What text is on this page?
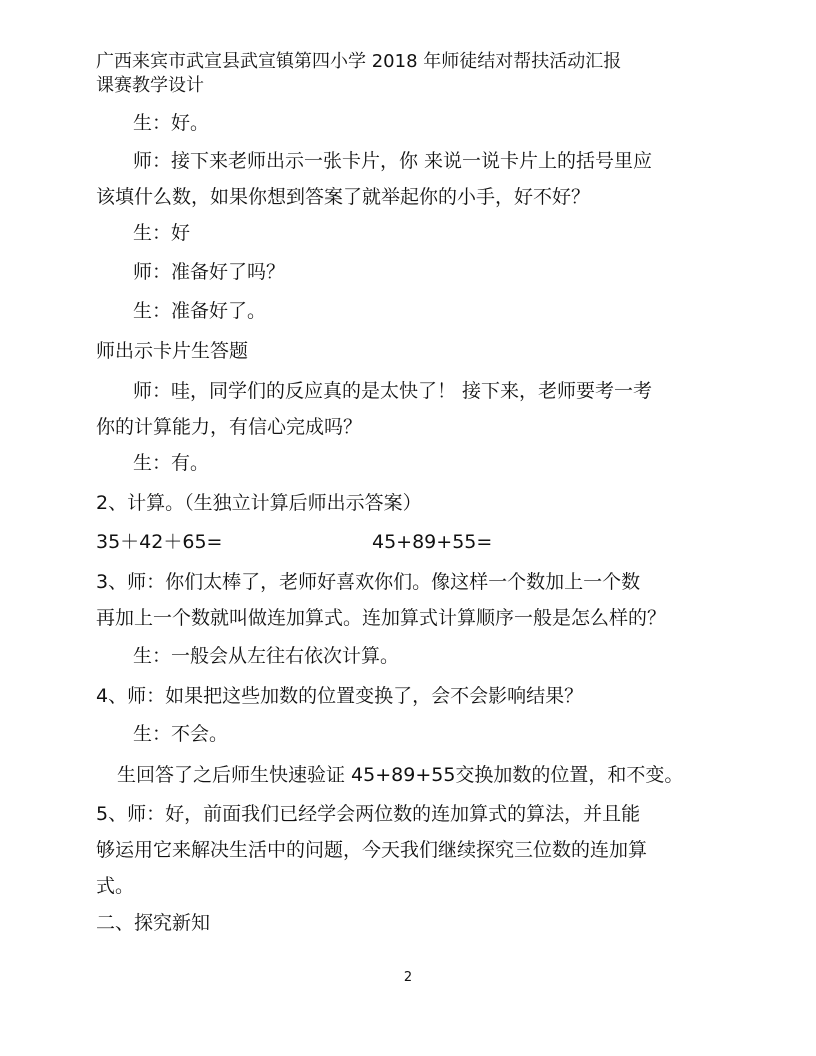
广西来宾市武宣县武宣镇第四小学 2018 年师徒结对帮扶活动汇报
课赛教学设计
生：好。
师：接下来老师出示一张卡片，你 来说一说卡片上的括号里应
该填什么数，如果你想到答案了就举起你的小手，好不好？
生：好
师：准备好了吗？
生：准备好了。
师出示卡片生答题
师：哇，同学们的反应真的是太快了！ 接下来，老师要考一考
你的计算能力，有信心完成吗？
生：有。
2、计算。（生独立计算后师出示答案）
35＋42＋65=	45+89+55=
3、师：你们太棒了，老师好喜欢你们。像这样一个数加上一个数
再加上一个数就叫做连加算式。连加算式计算顺序一般是怎么样的？
生：一般会从左往右依次计算。
4、师：如果把这些加数的位置变换了，会不会影响结果？
生：不会。
生回答了之后师生快速验证 45+89+55交换加数的位置，和不变。
5、师：好，前面我们已经学会两位数的连加算式的算法，并且能
够运用它来解决生活中的问题，今天我们继续探究三位数的连加算
式。
二、探究新知
2
